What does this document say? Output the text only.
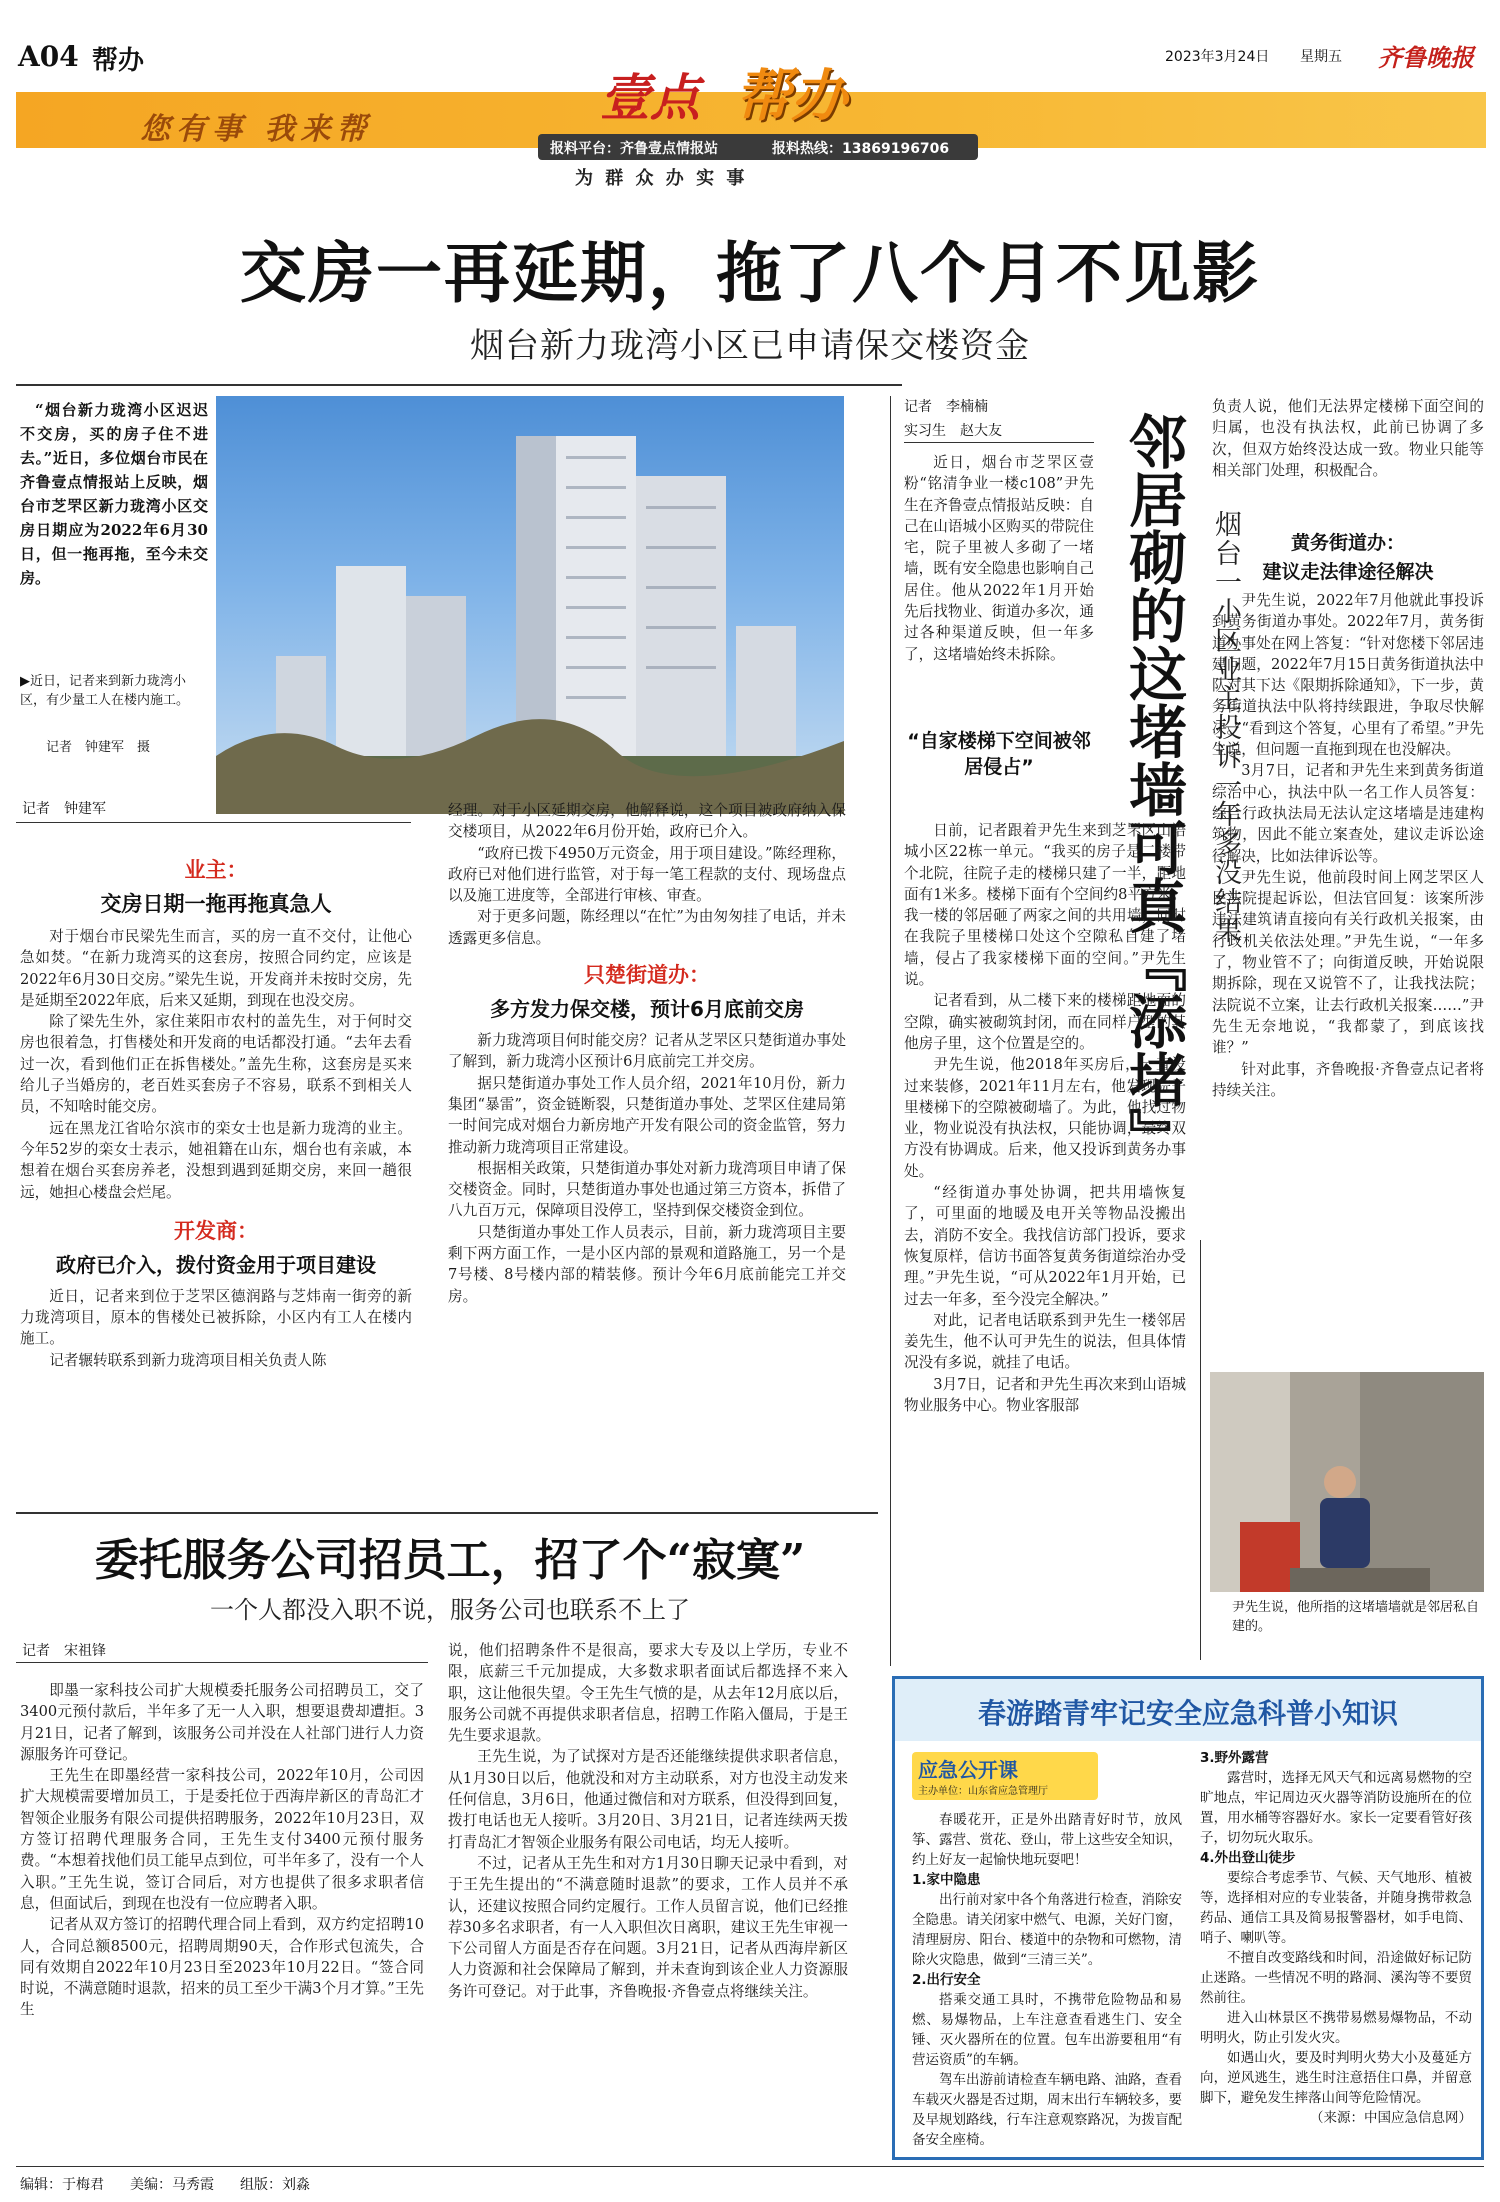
A04 帮办	2023年3月24日 星期五 齐鲁晚报
您有事 我来帮
壹点 帮办
报料平台：齐鲁壹点情报站	报料热线：13869196706
为 群 众 办 实 事
交房一再延期，拖了八个月不见影
烟台新力珑湾小区已申请保交楼资金
“烟台新力珑湾小区迟迟不交房，买的房子住不进去。”近日，多位烟台市民在齐鲁壹点情报站上反映，烟台市芝罘区新力珑湾小区交房日期应为2022年6月30日，但一拖再拖，至今未交房。
▶近日，记者来到新力珑湾小区，有少量工人在楼内施工。
记者　钟建军　摄
记者　钟建军
业主：
交房日期一拖再拖真急人

对于烟台市民梁先生而言，买的房一直不交付，让他心急如焚。“在新力珑湾买的这套房，按照合同约定，应该是2022年6月30日交房。”梁先生说，开发商并未按时交房，先是延期至2022年底，后来又延期，到现在也没交房。

除了梁先生外，家住莱阳市农村的盖先生，对于何时交房也很着急，打售楼处和开发商的电话都没打通。“去年去看过一次，看到他们正在拆售楼处。”盖先生称，这套房是买来给儿子当婚房的，老百姓买套房子不容易，联系不到相关人员，不知啥时能交房。

远在黑龙江省哈尔滨市的栾女士也是新力珑湾的业主。今年52岁的栾女士表示，她祖籍在山东，烟台也有亲戚，本想着在烟台买套房养老，没想到遇到延期交房，来回一趟很远，她担心楼盘会烂尾。

开发商：
政府已介入，拨付资金用于项目建设

近日，记者来到位于芝罘区德润路与芝炜南一街旁的新力珑湾项目，原本的售楼处已被拆除，小区内有工人在楼内施工。

记者辗转联系到新力珑湾项目相关负责人陈

经理。对于小区延期交房，他解释说，这个项目被政府纳入保交楼项目，从2022年6月份开始，政府已介入。

“政府已拨下4950万元资金，用于项目建设。”陈经理称，政府已对他们进行监管，对于每一笔工程款的支付、现场盘点以及施工进度等，全部进行审核、审查。

对于更多问题，陈经理以“在忙”为由匆匆挂了电话，并未透露更多信息。

只楚街道办：
多方发力保交楼，预计6月底前交房

新力珑湾项目何时能交房？记者从芝罘区只楚街道办事处了解到，新力珑湾小区预计6月底前完工并交房。

据只楚街道办事处工作人员介绍，2021年10月份，新力集团“暴雷”，资金链断裂，只楚街道办事处、芝罘区住建局第一时间完成对烟台力新房地产开发有限公司的资金监管，努力推动新力珑湾项目正常建设。

根据相关政策，只楚街道办事处对新力珑湾项目申请了保交楼资金。同时，只楚街道办事处也通过第三方资本，拆借了八九百万元，保障项目没停工，坚持到保交楼资金到位。

只楚街道办事处工作人员表示，目前，新力珑湾项目主要剩下两方面工作，一是小区内部的景观和道路施工，另一个是7号楼、8号楼内部的精装修。预计今年6月底前能完工并交房。

记者　李楠楠
实习生　赵大友

近日，烟台市芝罘区壹粉“铭清争业一楼c108”尹先生在齐鲁壹点情报站反映：自己在山语城小区购买的带院住宅，院子里被人多砌了一堵墙，既有安全隐患也影响自己居住。他从2022年1月开始先后找物业、街道办多次，通过各种渠道反映，但一年多了，这堵墙始终未拆除。 邻居砌的这堵墙可真『添堵』 烟台一小区业主投诉一年多没结果
“自家楼梯下空间被邻居侵占”

日前，记者跟着尹先生来到芝罘区山语城小区22栋一单元。“我买的房子是二楼带个北院，往院子走的楼梯只建了一半，距地面有1米多。楼梯下面有个空间约8平方米。我一楼的邻居砸了两家之间的共用墙，同时在我院子里楼梯口处这个空隙私自建了堵墙，侵占了我家楼梯下面的空间。”尹先生说。

记者看到，从二楼下来的楼梯距地面的空隙，确实被砌筑封闭，而在同样户型的其他房子里，这个位置是空的。

尹先生说，他2018年买房后，一直没过来装修，2021年11月左右，他发现院子里楼梯下的空隙被砌墙了。为此，他找过物业，物业说没有执法权，只能协调，最终双方没有协调成。后来，他又投诉到黄务办事处。

“经街道办事处协调，把共用墙恢复了，可里面的地暖及电开关等物品没搬出去，消防不安全。我找信访部门投诉，要求恢复原样，信访书面答复黄务街道综治办受理。”尹先生说，“可从2022年1月开始，已过去一年多，至今没完全解决。”

对此，记者电话联系到尹先生一楼邻居姜先生，他不认可尹先生的说法，但具体情况没有多说，就挂了电话。

3月7日，记者和尹先生再次来到山语城物业服务中心。物业客服部

负责人说，他们无法界定楼梯下面空间的归属，也没有执法权，此前已协调了多次，但双方始终没达成一致。物业只能等相关部门处理，积极配合。

黄务街道办：
建议走法律途径解决

尹先生说，2022年7月他就此事投诉到黄务街道办事处。2022年7月，黄务街道办事处在网上答复：“针对您楼下邻居违建问题，2022年7月15日黄务街道执法中队对其下达《限期拆除通知》，下一步，黄务街道执法中队将持续跟进，争取尽快解决。”“看到这个答复，心里有了希望。”尹先生说，但问题一直拖到现在也没解决。

3月7日，记者和尹先生来到黄务街道综治中心，执法中队一名工作人员答复：综合行政执法局无法认定这堵墙是违建构筑物，因此不能立案查处，建议走诉讼途径解决，比如法律诉讼等。

尹先生说，他前段时间上网芝罘区人民法院提起诉讼，但法官回复：该案所涉违法建筑请直接向有关行政机关报案，由行政机关依法处理。”尹先生说，“一年多了，物业管不了；向街道反映，开始说限期拆除，现在又说管不了，让我找法院；法院说不立案，让去行政机关报案……”尹先生无奈地说，“我都蒙了，到底该找谁？”

针对此事，齐鲁晚报·齐鲁壹点记者将持续关注。

尹先生说，他所指的这堵墙墙就是邻居私自建的。
委托服务公司招员工，招了个“寂寞”
一个人都没入职不说，服务公司也联系不上了
记者　宋祖锋

即墨一家科技公司扩大规模委托服务公司招聘员工，交了3400元预付款后，半年多了无一人入职，想要退费却遭拒。3月21日，记者了解到，该服务公司并没在人社部门进行人力资源服务许可登记。

王先生在即墨经营一家科技公司，2022年10月，公司因扩大规模需要增加员工，于是委托位于西海岸新区的青岛汇才智领企业服务有限公司提供招聘服务，2022年10月23日，双方签订招聘代理服务合同，王先生支付3400元预付服务费。“本想着找他们员工能早点到位，可半年多了，没有一个人入职。”王先生说，签订合同后，对方也提供了很多求职者信息，但面试后，到现在也没有一位应聘者入职。

记者从双方签订的招聘代理合同上看到，双方约定招聘10人，合同总额8500元，招聘周期90天，合作形式包流失，合同有效期自2022年10月23日至2023年10月22日。“签合同时说，不满意随时退款，招来的员工至少干满3个月才算。”王先生

说，他们招聘条件不是很高，要求大专及以上学历，专业不限，底薪三千元加提成，大多数求职者面试后都选择不来入职，这让他很失望。令王先生气愤的是，从去年12月底以后，服务公司就不再提供求职者信息，招聘工作陷入僵局，于是王先生要求退款。

王先生说，为了试探对方是否还能继续提供求职者信息，从1月30日以后，他就没和对方主动联系，对方也没主动发来任何信息，3月6日，他通过微信和对方联系，但没得到回复，拨打电话也无人接听。3月20日、3月21日，记者连续两天拨打青岛汇才智领企业服务有限公司电话，均无人接听。

不过，记者从王先生和对方1月30日聊天记录中看到，对于王先生提出的“不满意随时退款”的要求，工作人员并不承认，还建议按照合同约定履行。工作人员留言说，他们已经推荐30多名求职者，有一人入职但次日离职，建议王先生审视一下公司留人方面是否存在问题。3月21日，记者从西海岸新区人力资源和社会保障局了解到，并未查询到该企业人力资源服务许可登记。对于此事，齐鲁晚报·齐鲁壹点将继续关注。

春游踏青牢记安全应急科普小知识
应急公开课
主办单位：山东省应急管理厅

春暖花开，正是外出踏青好时节，放风筝、露营、赏花、登山，带上这些安全知识，约上好友一起愉快地玩耍吧！

1.家中隐患

出行前对家中各个角落进行检查，消除安全隐患。请关闭家中燃气、电源，关好门窗，清理厨房、阳台、楼道中的杂物和可燃物，清除火灾隐患，做到“三清三关”。

2.出行安全

搭乘交通工具时，不携带危险物品和易燃、易爆物品，上车注意查看逃生门、安全锤、灭火器所在的位置。包车出游要租用“有营运资质”的车辆。

驾车出游前请检查车辆电路、油路，查看车载灭火器是否过期，周末出行车辆较多，要及早规划路线，行车注意观察路况，为拨盲配备安全座椅。

3.野外露营

露营时，选择无风天气和远离易燃物的空旷地点，牢记周边灭火器等消防设施所在的位置，用水桶等容器好水。家长一定要看管好孩子，切勿玩火取乐。

4.外出登山徒步

要综合考虑季节、气候、天气地形、植被等，选择相对应的专业装备，并随身携带救急药品、通信工具及简易报警器材，如手电筒、哨子、喇叭等。

不擅自改变路线和时间，沿途做好标记防止迷路。一些情况不明的路洞、溪沟等不要贸然前往。

进入山林景区不携带易燃易爆物品，不动明明火，防止引发火灾。

如遇山火，要及时判明火势大小及蔓延方向，逆风逃生，逃生时注意捂住口鼻，并留意脚下，避免发生摔落山间等危险情况。

（来源：中国应急信息网）

编辑：于梅君 美编：马秀霞 组版：刘淼
